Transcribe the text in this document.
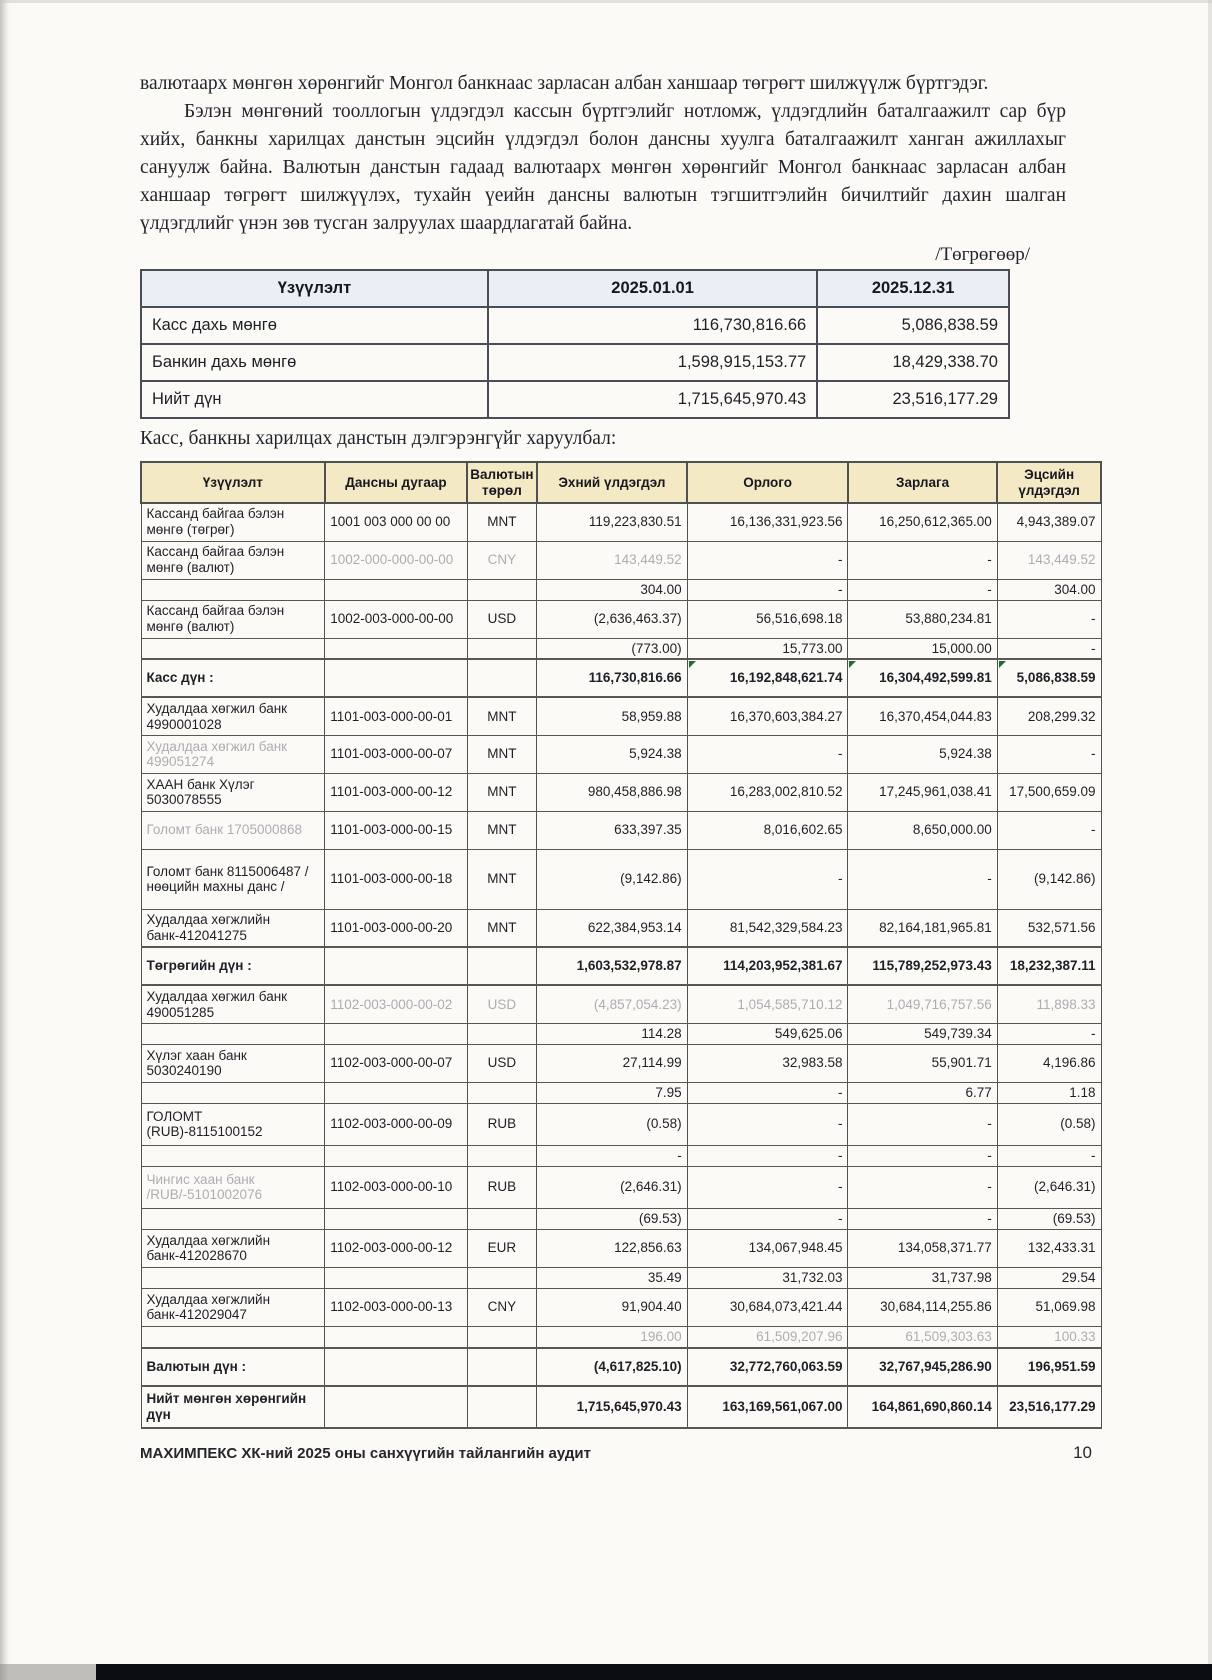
валютаарх мөнгөн хөрөнгийг Монгол банкнаас зарласан албан ханшаар төгрөгт шилжүүлж бүртгэдэг.

Бэлэн мөнгөний тооллогын үлдэгдэл кассын бүртгэлийг нотломж, үлдэгдлийн баталгаажилт сар бүр хийх, банкны харилцах данстын эцсийн үлдэгдэл болон дансны хуулга баталгаажилт ханган ажиллахыг сануулж байна. Валютын данстын гадаад валютаарх мөнгөн хөрөнгийг Монгол банкнаас зарласан албан ханшаар төгрөгт шилжүүлэх, тухайн үеийн дансны валютын тэгшитгэлийн бичилтийг дахин шалган үлдэгдлийг үнэн зөв тусган залруулах шаардлагатай байна.

/Төгрөгөөр/
Үзүүлэлт	2025.01.01	2025.12.31
Касс дахь мөнгө	116,730,816.66	5,086,838.59
Банкин дахь мөнгө	1,598,915,153.77	18,429,338.70
Нийт дүн	1,715,645,970.43	23,516,177.29
Касс, банкны харилцах данстын дэлгэрэнгүйг харуулбал:
Үзүүлэлт	Дансны дугаар	Валютын төрөл	Эхний үлдэгдэл	Орлого	Зарлага	Эцсийн үлдэгдэл
Кассанд байгаа бэлэн мөнгө (төгрөг)	1001 003 000 00 00	MNT	119,223,830.51	16,136,331,923.56	16,250,612,365.00	4,943,389.07
Кассанд байгаа бэлэн мөнгө (валют)	1002-000-000-00-00	CNY	143,449.52	-	-	143,449.52
			304.00	-	-	304.00
Кассанд байгаа бэлэн мөнгө (валют)	1002-003-000-00-00	USD	(2,636,463.37)	56,516,698.18	53,880,234.81	-
			(773.00)	15,773.00	15,000.00	-
Касс дүн :			116,730,816.66	16,192,848,621.74	16,304,492,599.81	5,086,838.59
Худалдаа хөгжил банк 4990001028	1101-003-000-00-01	MNT	58,959.88	16,370,603,384.27	16,370,454,044.83	208,299.32
Худалдаа хөгжил банк 499051274	1101-003-000-00-07	MNT	5,924.38	-	5,924.38	-
ХААН банк Хүлэг 5030078555	1101-003-000-00-12	MNT	980,458,886.98	16,283,002,810.52	17,245,961,038.41	17,500,659.09
Голомт банк 1705000868	1101-003-000-00-15	MNT	633,397.35	8,016,602.65	8,650,000.00	-
Голомт банк 8115006487 /нөөцийн махны данс /	1101-003-000-00-18	MNT	(9,142.86)	-	-	(9,142.86)
Худалдаа хөгжлийн банк-412041275	1101-003-000-00-20	MNT	622,384,953.14	81,542,329,584.23	82,164,181,965.81	532,571.56
Төгрөгийн дүн :			1,603,532,978.87	114,203,952,381.67	115,789,252,973.43	18,232,387.11
Худалдаа хөгжил банк 490051285	1102-003-000-00-02	USD	(4,857,054.23)	1,054,585,710.12	1,049,716,757.56	11,898.33
			114.28	549,625.06	549,739.34	-
Хүлэг хаан банк 5030240190	1102-003-000-00-07	USD	27,114.99	32,983.58	55,901.71	4,196.86
			7.95	-	6.77	1.18
ГОЛОМТ (RUB)-8115100152	1102-003-000-00-09	RUB	(0.58)	-	-	(0.58)
			-	-	-	-
Чингис хаан банк /RUB/-5101002076	1102-003-000-00-10	RUB	(2,646.31)	-	-	(2,646.31)
			(69.53)	-	-	(69.53)
Худалдаа хөгжлийн банк-412028670	1102-003-000-00-12	EUR	122,856.63	134,067,948.45	134,058,371.77	132,433.31
			35.49	31,732.03	31,737.98	29.54
Худалдаа хөгжлийн банк-412029047	1102-003-000-00-13	CNY	91,904.40	30,684,073,421.44	30,684,114,255.86	51,069.98
			196.00	61,509,207.96	61,509,303.63	100.33
Валютын дүн :			(4,617,825.10)	32,772,760,063.59	32,767,945,286.90	196,951.59
Нийт мөнгөн хөрөнгийн дүн			1,715,645,970.43	163,169,561,067.00	164,861,690,860.14	23,516,177.29
МАХИМПЕКС ХК-ний 2025 оны санхүүгийн тайлангийн аудит	10
